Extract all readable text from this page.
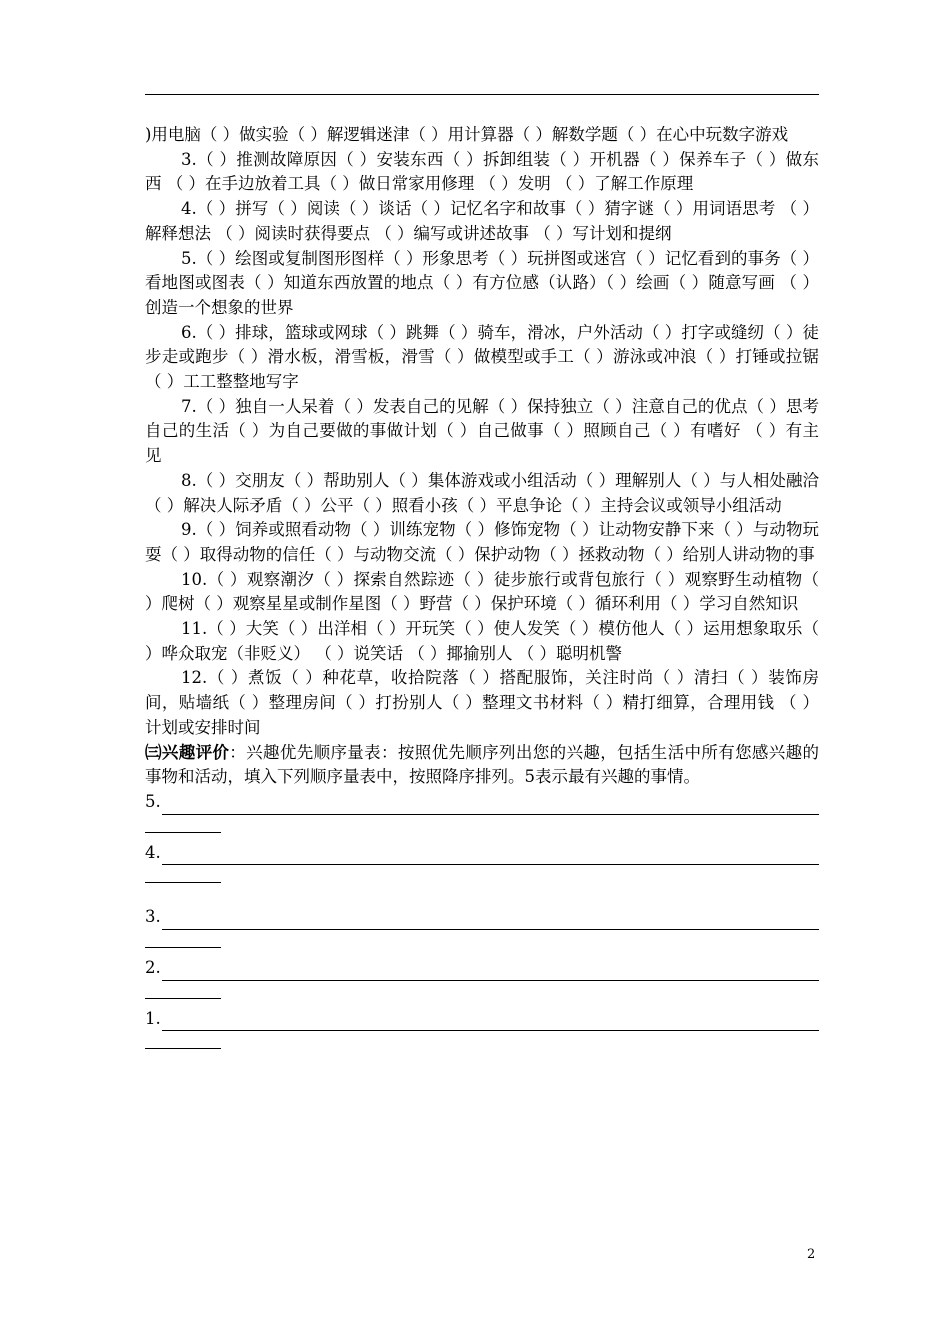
)用电脑（ ）做实验（ ）解逻辑迷津（ ）用计算器（ ）解数学题（ ）在心中玩数字游戏

3.（ ）推测故障原因（ ）安装东西（ ）拆卸组装（ ）开机器（ ）保养车子（ ）做东西 （ ）在手边放着工具（ ）做日常家用修理 （ ）发明 （ ）了解工作原理

4.（ ）拼写（ ）阅读（ ）谈话（ ）记忆名字和故事（ ）猜字谜（ ）用词语思考 （ ）解释想法 （ ）阅读时获得要点 （ ）编写或讲述故事 （ ）写计划和提纲

5.（ ）绘图或复制图形图样（ ）形象思考（ ）玩拼图或迷宫（ ）记忆看到的事务（ ）看地图或图表（ ）知道东西放置的地点（ ）有方位感（认路）（ ）绘画（ ）随意写画 （ ）创造一个想象的世界

6.（ ）排球，篮球或网球（ ）跳舞（ ）骑车，滑冰，户外活动（ ）打字或缝纫（ ）徒步走或跑步（ ）滑水板，滑雪板，滑雪（ ）做模型或手工（ ）游泳或冲浪（ ）打锤或拉锯 （ ）工工整整地写字

7.（ ）独自一人呆着（ ）发表自己的见解（ ）保持独立（ ）注意自己的优点（ ）思考自己的生活（ ）为自己要做的事做计划（ ）自己做事（ ）照顾自己（ ）有嗜好 （ ）有主见

8.（ ）交朋友（ ）帮助别人（ ）集体游戏或小组活动（ ）理解别人（ ）与人相处融洽（ ）解决人际矛盾（ ）公平（ ）照看小孩（ ）平息争论（ ）主持会议或领导小组活动

9.（ ）饲养或照看动物（ ）训练宠物（ ）修饰宠物（ ）让动物安静下来（ ）与动物玩耍（ ）取得动物的信任（ ）与动物交流（ ）保护动物（ ）拯救动物（ ）给别人讲动物的事

10.（ ）观察潮汐（ ）探索自然踪迹（ ）徒步旅行或背包旅行（ ）观察野生动植物（ ）爬树（ ）观察星星或制作星图（ ）野营（ ）保护环境（ ）循环利用（ ）学习自然知识

11.（ ）大笑（ ）出洋相（ ）开玩笑（ ）使人发笑（ ）模仿他人（ ）运用想象取乐（ ）哗众取宠（非贬义） （ ）说笑话 （ ）揶揄别人 （ ）聪明机警

12.（ ）煮饭（ ）种花草，收拾院落（ ）搭配服饰，关注时尚（ ）清扫（ ）装饰房间，贴墙纸（ ）整理房间（ ）打扮别人（ ）整理文书材料（ ）精打细算，合理用钱 （ ）计划或安排时间

㈢兴趣评价：兴趣优先顺序量表：按照优先顺序列出您的兴趣，包括生活中所有您感兴趣的事物和活动，填入下列顺序量表中，按照降序排列。5表示最有兴趣的事情。

5.
4.
3.
2.
1.
2
